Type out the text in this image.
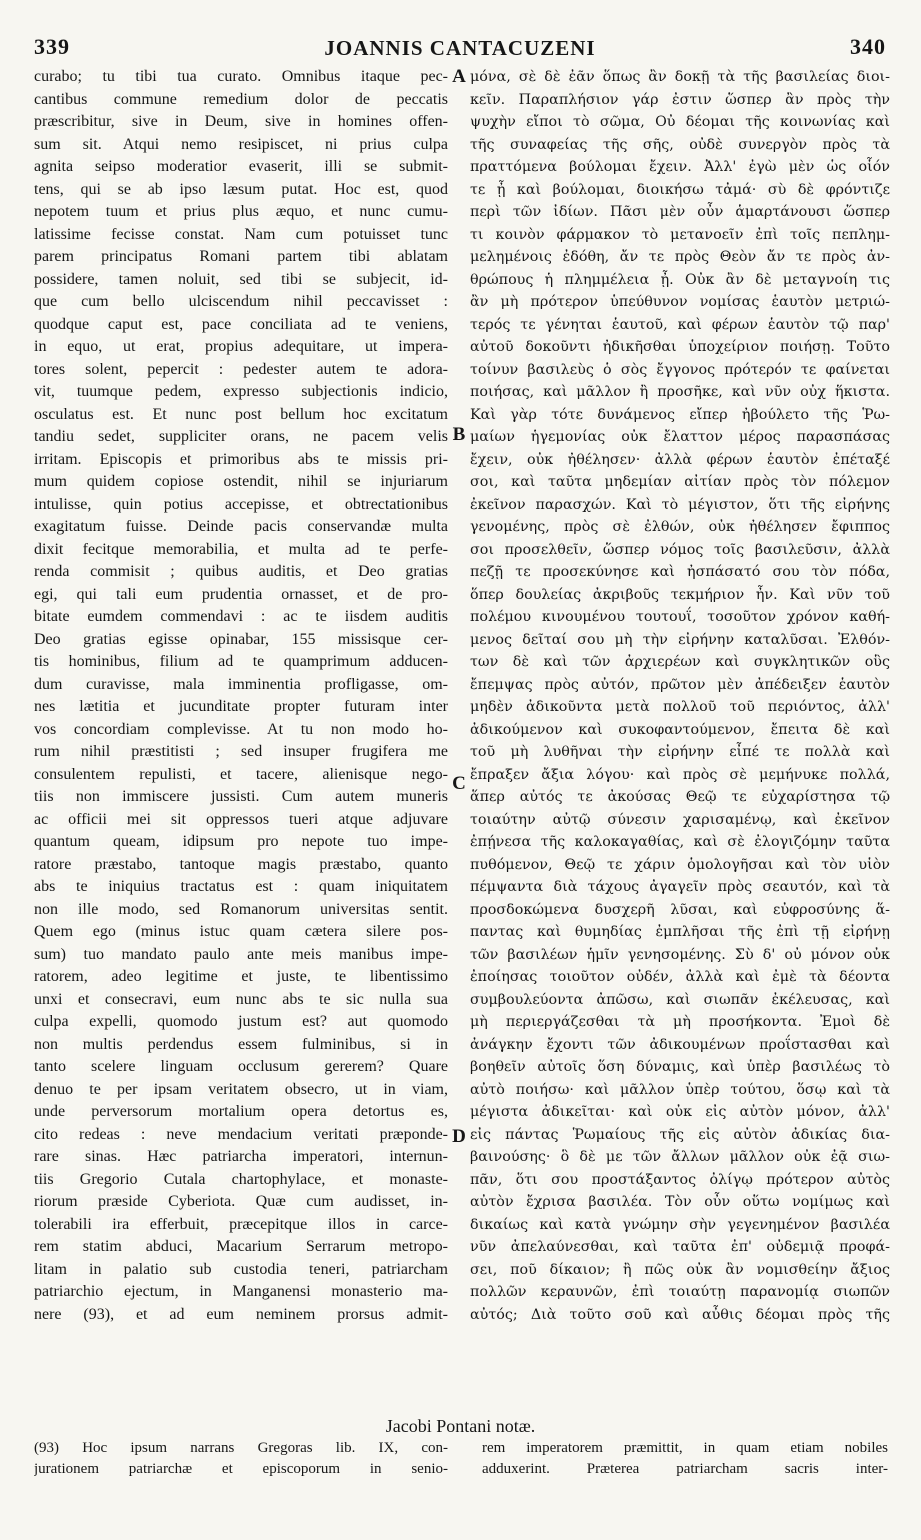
339	JOANNIS CANTACUZENI	340
curabo; tu tibi tua curato. Omnibus itaque pec-
cantibus commune remedium dolor de peccatis
præscribitur, sive in Deum, sive in homines offen-
sum sit. Atqui nemo resipiscet, ni prius culpa
agnita seipso moderatior evaserit, illi se submit-
tens, qui se ab ipso læsum putat. Hoc est, quod
nepotem tuum et prius plus æquo, et nunc cumu-
latissime fecisse constat. Nam cum potuisset tunc
parem principatus Romani partem tibi ablatam
possidere, tamen noluit, sed tibi se subjecit, id-
que cum bello ulciscendum nihil peccavisset :
quodque caput est, pace conciliata ad te veniens,
in equo, ut erat, propius adequitare, ut impera-
tores solent, pepercit : pedester autem te adora-
vit, tuumque pedem, expresso subjectionis indicio,
osculatus est. Et nunc post bellum hoc excitatum
tandiu sedet, suppliciter orans, ne pacem velis
irritam. Episcopis et primoribus abs te missis pri-
mum quidem copiose ostendit, nihil se injuriarum
intulisse, quin potius accepisse, et obtrectationibus
exagitatum fuisse. Deinde pacis conservandæ multa
dixit fecitque memorabilia, et multa ad te perfe-
renda commisit ; quibus auditis, et Deo gratias
egi, qui tali eum prudentia ornasset, et de pro-
bitate eumdem commendavi : ac te iisdem auditis
Deo gratias egisse opinabar, 155 missisque cer-
tis hominibus, filium ad te quamprimum adducen-
dum curavisse, mala imminentia profligasse, om-
nes lætitia et jucunditate propter futuram inter
vos concordiam complevisse. At tu non modo ho-
rum nihil præstitisti ; sed insuper frugifera me
consulentem repulisti, et tacere, alienisque nego-
tiis non immiscere jussisti. Cum autem muneris
ac officii mei sit oppressos tueri atque adjuvare
quantum queam, idipsum pro nepote tuo impe-
ratore præstabo, tantoque magis præstabo, quanto
abs te iniquius tractatus est : quam iniquitatem
non ille modo, sed Romanorum universitas sentit.
Quem ego (minus istuc quam cætera silere pos-
sum) tuo mandato paulo ante meis manibus impe-
ratorem, adeo legitime et juste, te libentissimo
unxi et consecravi, eum nunc abs te sic nulla sua
culpa expelli, quomodo justum est? aut quomodo
non multis perdendus essem fulminibus, si in
tanto scelere linguam occlusum gererem? Quare
denuo te per ipsam veritatem obsecro, ut in viam,
unde perversorum mortalium opera detortus es,
cito redeas : neve mendacium veritati præponde-
rare sinas. Hæc patriarcha imperatori, internun-
tiis Gregorio Cutala chartophylace, et monaste-
riorum præside Cyberiota. Quæ cum audisset, in-
tolerabili ira efferbuit, præcepitque illos in carce-
rem statim abduci, Macarium Serrarum metropo-
litam in palatio sub custodia teneri, patriarcham
patriarchio ejectum, in Manganensi monasterio ma-
nere (93), et ad eum neminem prorsus admit-
A
B
C
D
μόνα, σὲ δὲ ἐᾶν ὅπως ἂν δοκῇ τὰ τῆς βασιλείας διοι-
κεῖν. Παραπλήσιον γάρ ἐστιν ὥσπερ ἂν πρὸς τὴν
ψυχὴν εἴποι τὸ σῶμα, Οὐ δέομαι τῆς κοινωνίας καὶ
τῆς συναφείας τῆς σῆς, οὐδὲ συνεργὸν πρὸς τὰ
πραττόμενα βούλομαι ἔχειν. Ἀλλ' ἐγὼ μὲν ὡς οἷόν
τε ᾖ καὶ βούλομαι, διοικήσω τἀμά· σὺ δὲ φρόντιζε
περὶ τῶν ἰδίων. Πᾶσι μὲν οὖν ἁμαρτάνουσι ὥσπερ
τι κοινὸν φάρμακον τὸ μετανοεῖν ἐπὶ τοῖς πεπλημ-
μελημένοις ἐδόθη, ἄν τε πρὸς Θεὸν ἄν τε πρὸς ἀν-
θρώπους ἡ πλημμέλεια ᾖ. Οὐκ ἂν δὲ μεταγνοίη τις
ἂν μὴ πρότερον ὑπεύθυνον νομίσας ἑαυτὸν μετριώ-
τερός τε γένηται ἑαυτοῦ, καὶ φέρων ἑαυτὸν τῷ παρ'
αὐτοῦ δοκοῦντι ἠδικῆσθαι ὑποχείριον ποιήσῃ. Τοῦτο
τοίνυν βασιλεὺς ὁ σὸς ἔγγονος πρότερόν τε φαίνεται
ποιήσας, καὶ μᾶλλον ἢ προσῆκε, καὶ νῦν οὐχ ἥκιστα.
Καὶ γὰρ τότε δυνάμενος εἴπερ ἠβούλετο τῆς Ῥω-
μαίων ἡγεμονίας οὐκ ἔλαττον μέρος παρασπάσας
ἔχειν, οὐκ ἠθέλησεν· ἀλλὰ φέρων ἑαυτὸν ἐπέταξέ
σοι, καὶ ταῦτα μηδεμίαν αἰτίαν πρὸς τὸν πόλεμον
ἐκεῖνον παρασχών. Καὶ τὸ μέγιστον, ὅτι τῆς εἰρήνης
γενομένης, πρὸς σὲ ἐλθών, οὐκ ἠθέλησεν ἔφιππος
σοι προσελθεῖν, ὥσπερ νόμος τοῖς βασιλεῦσιν, ἀλλὰ
πεζῇ τε προσεκύνησε καὶ ἠσπάσατό σου τὸν πόδα,
ὅπερ δουλείας ἀκριβοῦς τεκμήριον ἦν. Καὶ νῦν τοῦ
πολέμου κινουμένου τουτουΐ, τοσοῦτον χρόνον καθή-
μενος δεῖταί σου μὴ τὴν εἰρήνην καταλῦσαι. Ἐλθόν-
των δὲ καὶ τῶν ἀρχιερέων καὶ συγκλητικῶν οὓς
ἔπεμψας πρὸς αὐτόν, πρῶτον μὲν ἀπέδειξεν ἑαυτὸν
μηδὲν ἀδικοῦντα μετὰ πολλοῦ τοῦ περιόντος, ἀλλ'
ἀδικούμενον καὶ συκοφαντούμενον, ἔπειτα δὲ καὶ
τοῦ μὴ λυθῆναι τὴν εἰρήνην εἶπέ τε πολλὰ καὶ
ἔπραξεν ἄξια λόγου· καὶ πρὸς σὲ μεμήνυκε πολλά,
ἅπερ αὐτός τε ἀκούσας Θεῷ τε εὐχαρίστησα τῷ
τοιαύτην αὐτῷ σύνεσιν χαρισαμένῳ, καὶ ἐκεῖνον
ἐπῄνεσα τῆς καλοκαγαθίας, καὶ σὲ ἐλογιζόμην ταῦτα
πυθόμενον, Θεῷ τε χάριν ὁμολογῆσαι καὶ τὸν υἱὸν
πέμψαντα διὰ τάχους ἀγαγεῖν πρὸς σεαυτόν, καὶ τὰ
προσδοκώμενα δυσχερῆ λῦσαι, καὶ εὐφροσύνης ἅ-
παντας καὶ θυμηδίας ἐμπλῆσαι τῆς ἐπὶ τῇ εἰρήνῃ
τῶν βασιλέων ἡμῖν γενησομένης. Σὺ δ' οὐ μόνον οὐκ
ἐποίησας τοιοῦτον οὐδέν, ἀλλὰ καὶ ἐμὲ τὰ δέοντα
συμβουλεύοντα ἀπῶσω, καὶ σιωπᾶν ἐκέλευσας, καὶ
μὴ περιεργάζεσθαι τὰ μὴ προσήκοντα. Ἐμοὶ δὲ
ἀνάγκην ἔχοντι τῶν ἀδικουμένων προΐστασθαι καὶ
βοηθεῖν αὐτοῖς ὅση δύναμις, καὶ ὑπὲρ βασιλέως τὸ
αὐτὸ ποιήσω· καὶ μᾶλλον ὑπὲρ τούτου, ὅσῳ καὶ τὰ
μέγιστα ἀδικεῖται· καὶ οὐκ εἰς αὐτὸν μόνον, ἀλλ'
εἰς πάντας Ῥωμαίους τῆς εἰς αὐτὸν ἀδικίας δια-
βαινούσης· ὃ δὲ με τῶν ἄλλων μᾶλλον οὐκ ἐᾷ σιω-
πᾶν, ὅτι σου προστάξαντος ὀλίγῳ πρότερον αὐτὸς
αὐτὸν ἔχρισα βασιλέα. Τὸν οὖν οὕτω νομίμως καὶ
δικαίως καὶ κατὰ γνώμην σὴν γεγενημένον βασιλέα
νῦν ἀπελαύνεσθαι, καὶ ταῦτα ἐπ' οὐδεμιᾷ προφά-
σει, ποῦ δίκαιον; ἢ πῶς οὐκ ἂν νομισθείην ἄξιος
πολλῶν κεραυνῶν, ἐπὶ τοιαύτῃ παρανομίᾳ σιωπῶν
αὐτός; Διὰ τοῦτο σοῦ καὶ αὖθις δέομαι πρὸς τῆς
Jacobi Pontani notæ.
(93) Hoc ipsum narrans Gregoras lib. IX, con-
jurationem patriarchæ et episcoporum in senio-
rem imperatorem præmittit, in quam etiam nobiles
adduxerint. Præterea patriarcham sacris inter-
